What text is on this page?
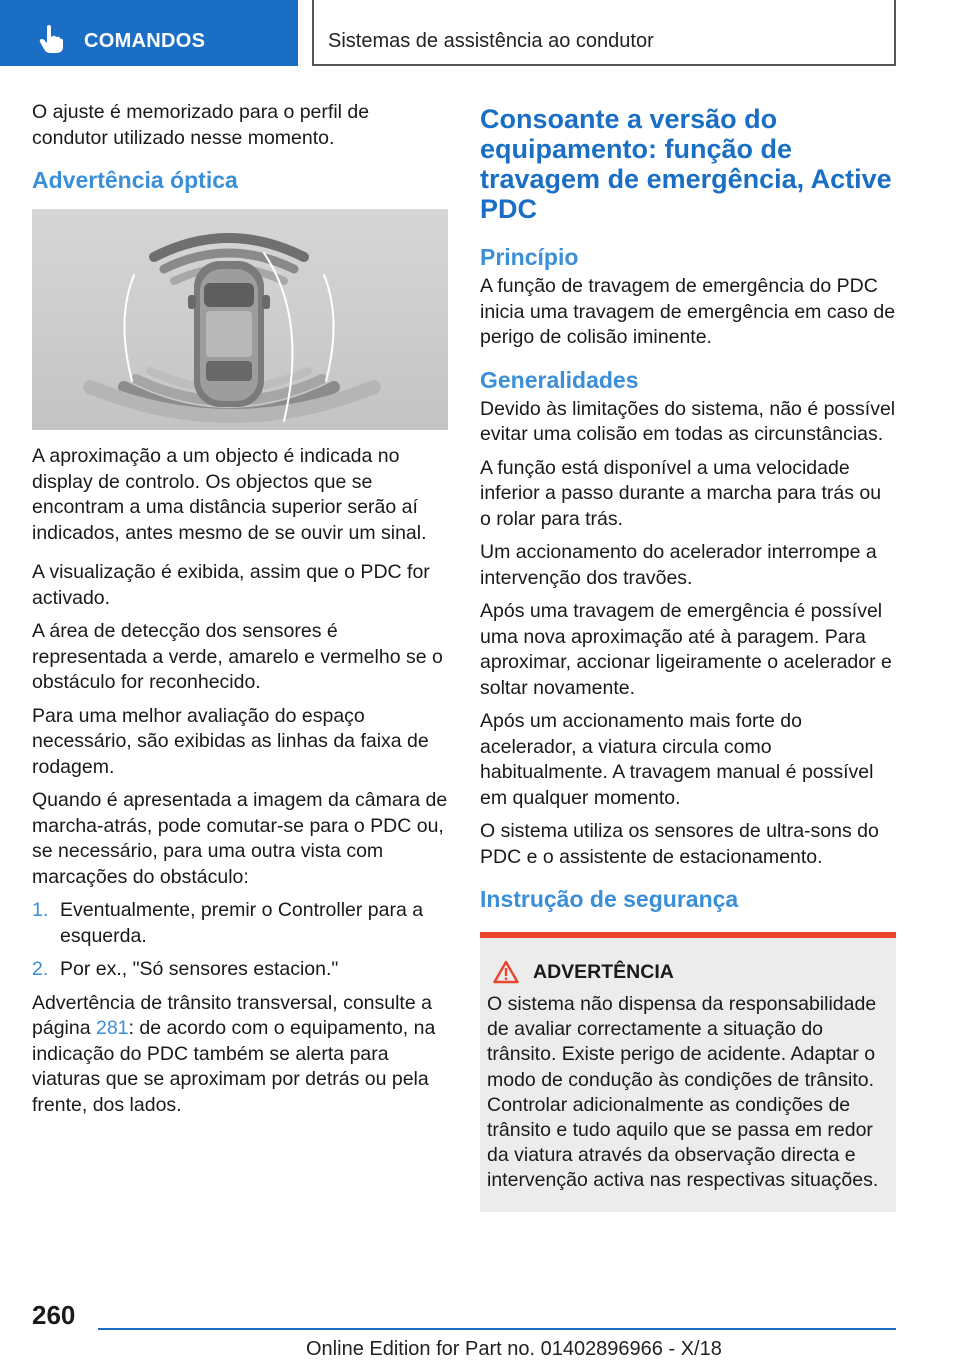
COMANDOS	Sistemas de assistência ao condutor

O ajuste é memorizado para o perfil de condutor utilizado nesse momento.

Advertência óptica

A aproximação a um objecto é indicada no display de controlo. Os objectos que se encontram a uma distância superior serão aí indicados, antes mesmo de se ouvir um sinal.

A visualização é exibida, assim que o PDC for activado.

A área de detecção dos sensores é representada a verde, amarelo e vermelho se o obstáculo for reconhecido.

Para uma melhor avaliação do espaço necessário, são exibidas as linhas da faixa de rodagem.

Quando é apresentada a imagem da câmara de marcha-atrás, pode comutar-se para o PDC ou, se necessário, para uma outra vista com marcações do obstáculo:

1. Eventualmente, premir o Controller para a esquerda.
2. Por ex., "Só sensores estacion."

Advertência de trânsito transversal, consulte a página 281: de acordo com o equipamento, na indicação do PDC também se alerta para viaturas que se aproximam por detrás ou pela frente, dos lados.

Consoante a versão do equipamento: função de travagem de emergência, Active PDC
Princípio

A função de travagem de emergência do PDC inicia uma travagem de emergência em caso de perigo de colisão iminente.

Generalidades

Devido às limitações do sistema, não é possível evitar uma colisão em todas as circunstâncias.

A função está disponível a uma velocidade inferior a passo durante a marcha para trás ou o rolar para trás.

Um accionamento do acelerador interrompe a intervenção dos travões.

Após uma travagem de emergência é possível uma nova aproximação até à paragem. Para aproximar, accionar ligeiramente o acelerador e soltar novamente.

Após um accionamento mais forte do acelerador, a viatura circula como habitualmente. A travagem manual é possível em qualquer momento.

O sistema utiliza os sensores de ultra-sons do PDC e o assistente de estacionamento.

Instrução de segurança
ADVERTÊNCIA

O sistema não dispensa da responsabilidade de avaliar correctamente a situação do trânsito. Existe perigo de acidente. Adaptar o modo de condução às condições de trânsito. Controlar adicionalmente as condições de trânsito e tudo aquilo que se passa em redor da viatura através da observação directa e intervenção activa nas respectivas situações.

260
Online Edition for Part no. 01402896966 - X/18
